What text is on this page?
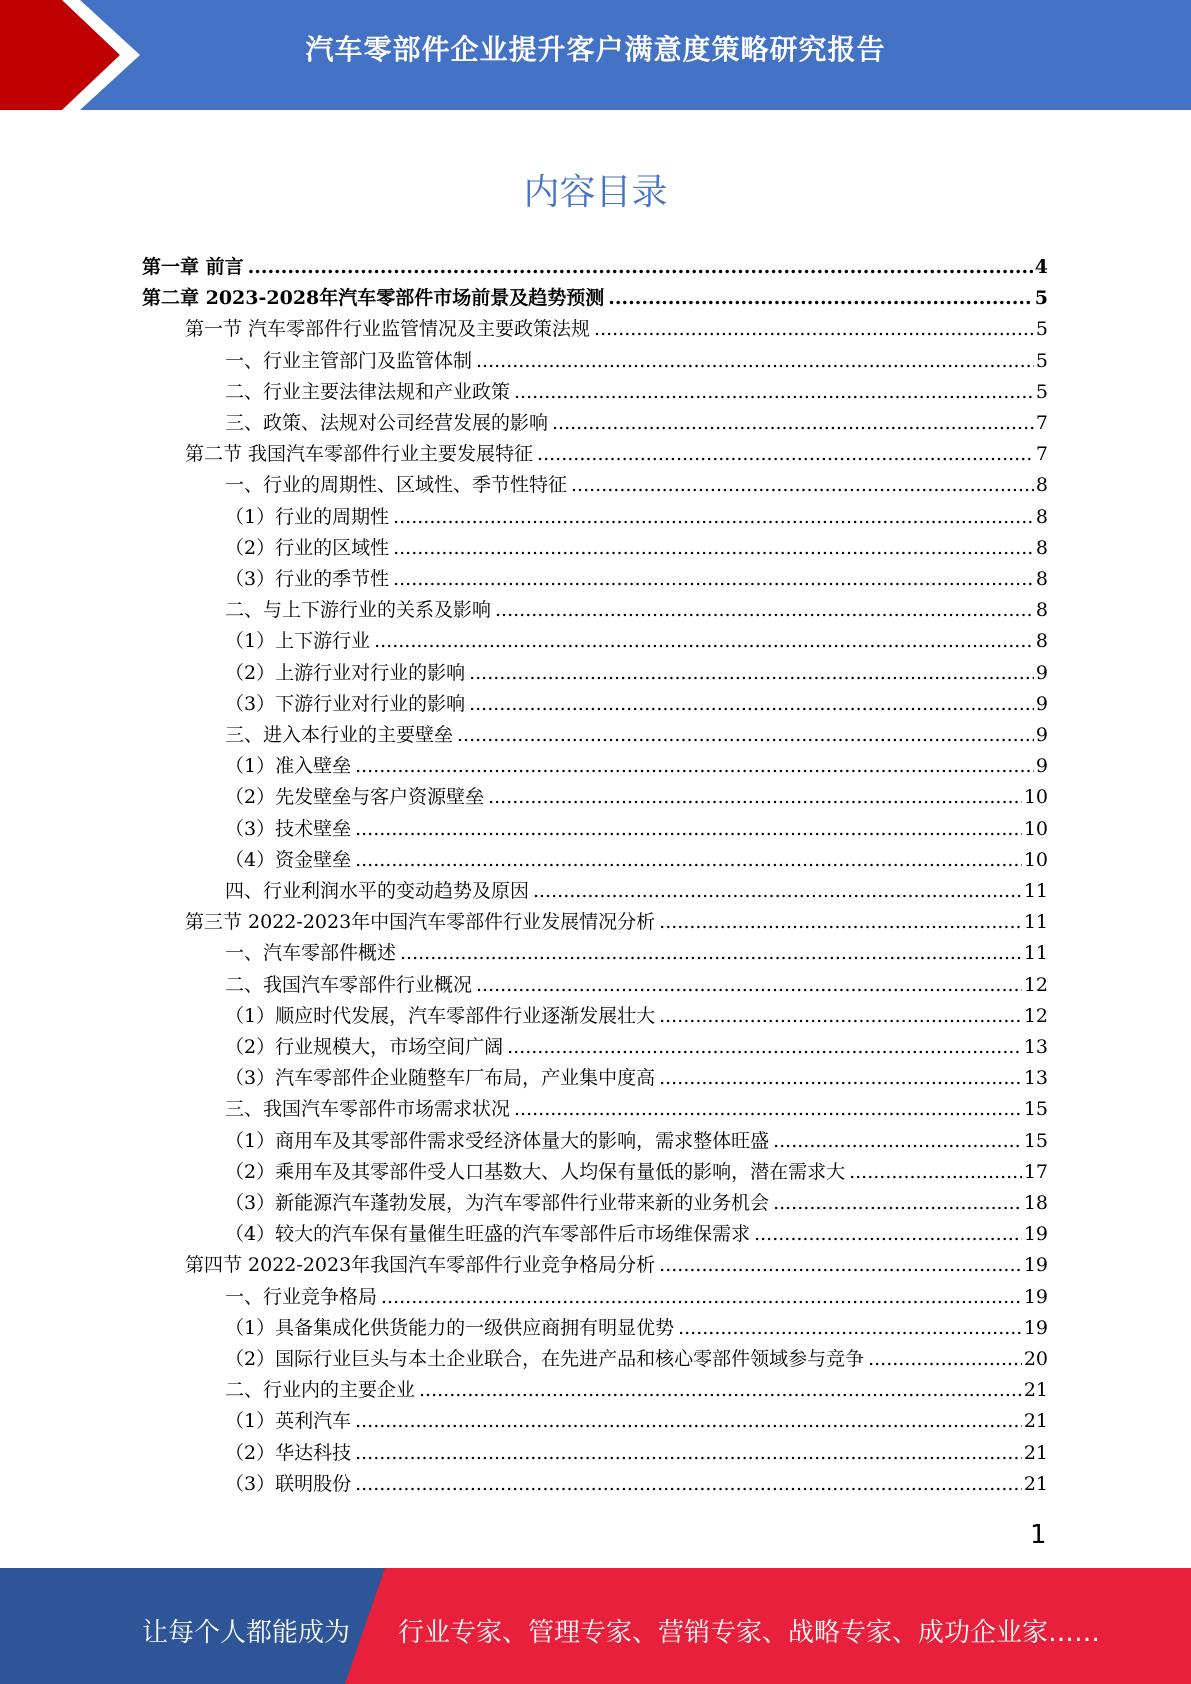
汽车零部件企业提升客户满意度策略研究报告
内容目录
第一章 前言 .....	4
第二章 2023-2028年汽车零部件市场前景及趋势预测 .....	5
第一节 汽车零部件行业监管情况及主要政策法规 .....	5
一、行业主管部门及监管体制 .....	5
二、行业主要法律法规和产业政策 .....	5
三、政策、法规对公司经营发展的影响 .....	7
第二节 我国汽车零部件行业主要发展特征 .....	7
一、行业的周期性、区域性、季节性特征 .....	8
（1）行业的周期性 .....	8
（2）行业的区域性 .....	8
（3）行业的季节性 .....	8
二、与上下游行业的关系及影响 .....	8
（1）上下游行业 .....	8
（2）上游行业对行业的影响 .....	9
（3）下游行业对行业的影响 .....	9
三、进入本行业的主要壁垒 .....	9
（1）准入壁垒 .....	9
（2）先发壁垒与客户资源壁垒 .....	10
（3）技术壁垒 .....	10
（4）资金壁垒 .....	10
四、行业利润水平的变动趋势及原因 .....	11
第三节 2022-2023年中国汽车零部件行业发展情况分析 .....	11
一、汽车零部件概述 .....	11
二、我国汽车零部件行业概况 .....	12
（1）顺应时代发展，汽车零部件行业逐渐发展壮大 .....	12
（2）行业规模大，市场空间广阔 .....	13
（3）汽车零部件企业随整车厂布局，产业集中度高 .....	13
三、我国汽车零部件市场需求状况 .....	15
（1）商用车及其零部件需求受经济体量大的影响，需求整体旺盛 .....	15
（2）乘用车及其零部件受人口基数大、人均保有量低的影响，潜在需求大 .....	17
（3）新能源汽车蓬勃发展，为汽车零部件行业带来新的业务机会 .....	18
（4）较大的汽车保有量催生旺盛的汽车零部件后市场维保需求 .....	19
第四节 2022-2023年我国汽车零部件行业竞争格局分析 .....	19
一、行业竞争格局 .....	19
（1）具备集成化供货能力的一级供应商拥有明显优势 .....	19
（2）国际行业巨头与本土企业联合，在先进产品和核心零部件领域参与竞争 .....	20
二、行业内的主要企业 .....	21
（1）英利汽车 .....	21
（2）华达科技 .....	21
（3）联明股份 .....	21
1
让每个人都能成为 行业专家、管理专家、营销专家、战略专家、成功企业家……
